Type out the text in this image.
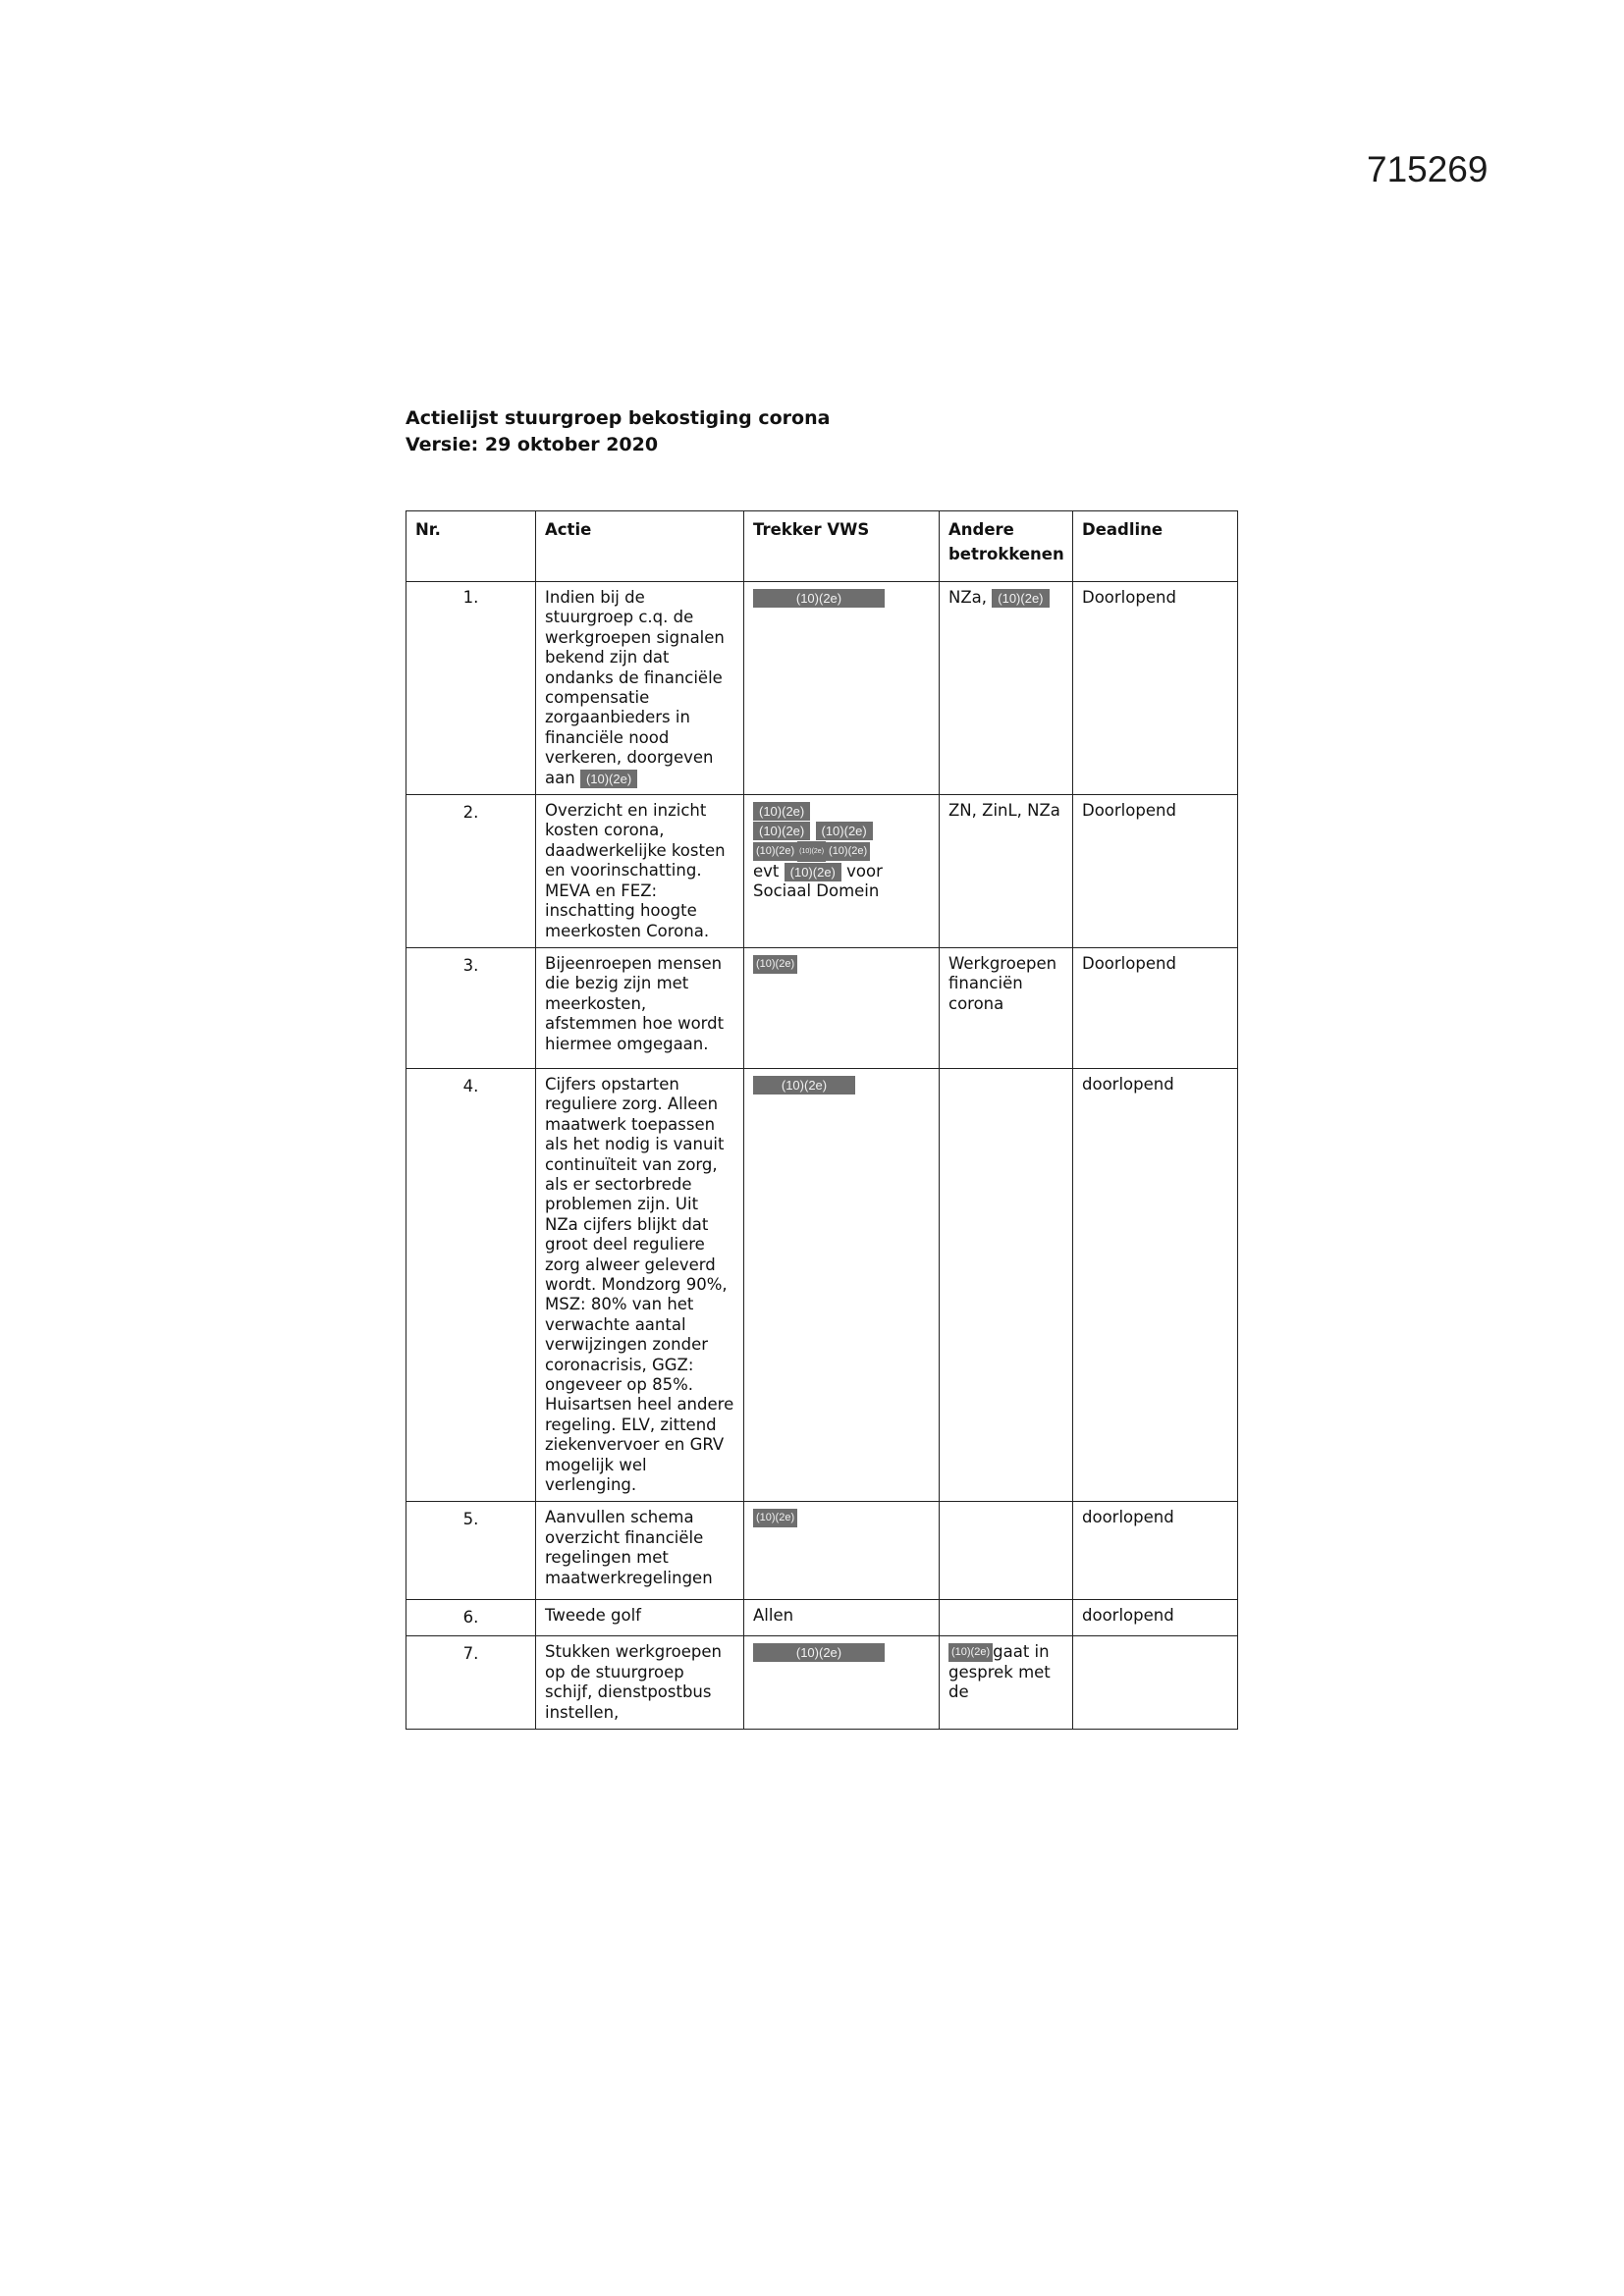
715269
Actielijst stuurgroep bekostiging corona
Versie: 29 oktober 2020
Nr.	Actie	Trekker VWS	Andere betrokkenen	Deadline
1.	Indien bij de stuurgroep c.q. de werkgroepen signalen bekend zijn dat ondanks de financiële compensatie zorgaanbieders in financiële nood verkeren, doorgeven aan (10)(2e)	(10)(2e)	NZa, (10)(2e)	Doorlopend
2.	Overzicht en inzicht kosten corona, daadwerkelijke kosten en voorinschatting. MEVA en FEZ: inschatting hoogte meerkosten Corona.	(10)(2e)
(10)(2e) (10)(2e)
(10)(2e) (10)(2e) (10)(2e)
evt (10)(2e) voor Sociaal Domein	ZN, ZinL, NZa	Doorlopend
3.	Bijeenroepen mensen die bezig zijn met meerkosten, afstemmen hoe wordt hiermee omgegaan.	(10)(2e)	Werkgroepen financiën corona	Doorlopend
4.	Cijfers opstarten reguliere zorg. Alleen maatwerk toepassen als het nodig is vanuit continuïteit van zorg, als er sectorbrede problemen zijn. Uit NZa cijfers blijkt dat groot deel reguliere zorg alweer geleverd wordt. Mondzorg 90%, MSZ: 80% van het verwachte aantal verwijzingen zonder coronacrisis, GGZ: ongeveer op 85%. Huisartsen heel andere regeling. ELV, zittend ziekenvervoer en GRV mogelijk wel verlenging.	(10)(2e)		doorlopend
5.	Aanvullen schema overzicht financiële regelingen met maatwerkregelingen	(10)(2e)		doorlopend
6.	Tweede golf	Allen		doorlopend
7.	Stukken werkgroepen op de stuurgroep schijf, dienstpostbus instellen,	(10)(2e)	(10)(2e) gaat in gesprek met de	
